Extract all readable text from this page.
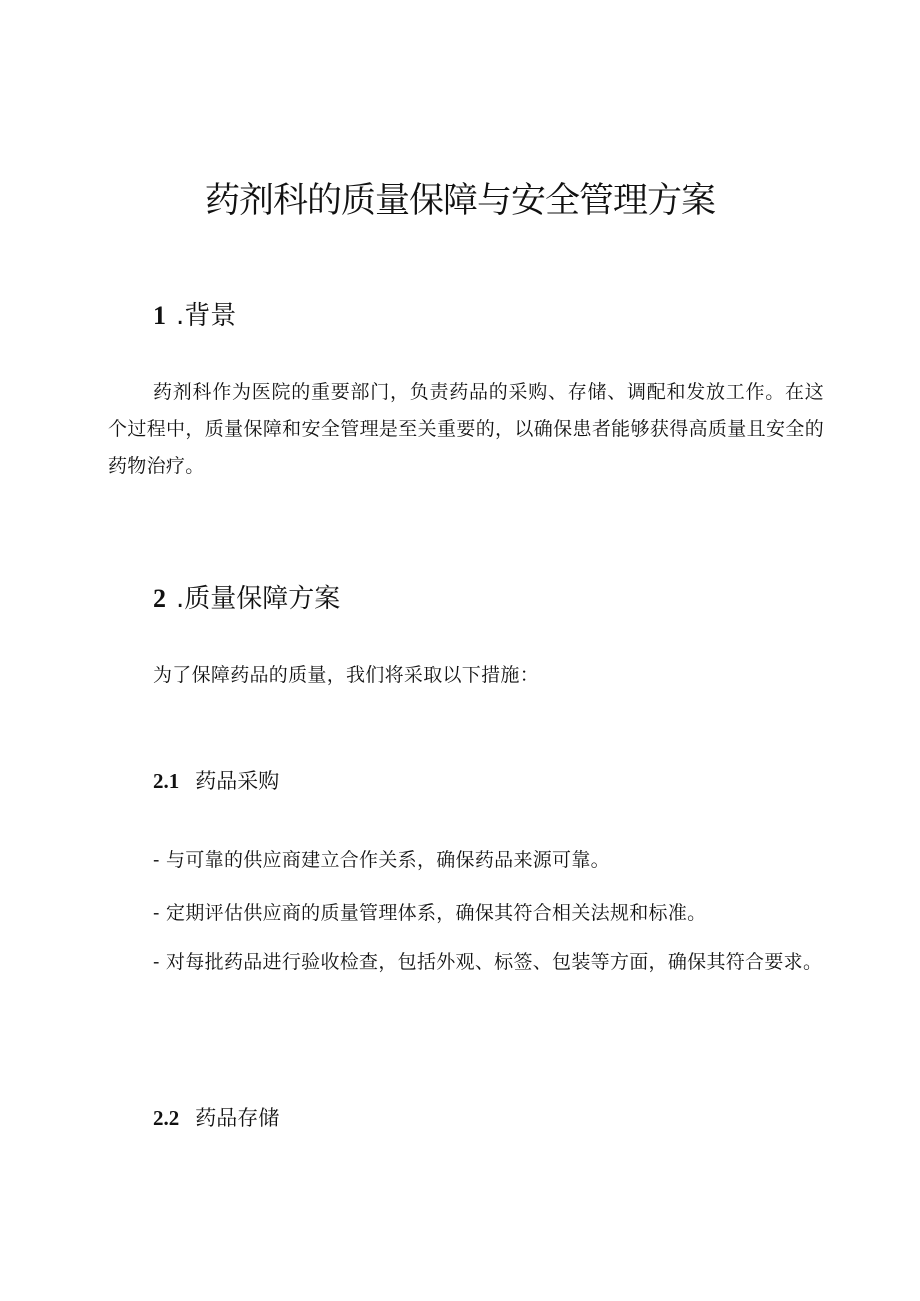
药剂科的质量保障与安全管理方案
1 .背景
药剂科作为医院的重要部门，负责药品的采购、存储、调配和发放工作。在这个过程中，质量保障和安全管理是至关重要的，以确保患者能够获得高质量且安全的药物治疗。
2 .质量保障方案
为了保障药品的质量，我们将采取以下措施：
2.1 药品采购
- 与可靠的供应商建立合作关系，确保药品来源可靠。
- 定期评估供应商的质量管理体系，确保其符合相关法规和标准。
- 对每批药品进行验收检查，包括外观、标签、包装等方面，确保其符合要求。
2.2 药品存储
